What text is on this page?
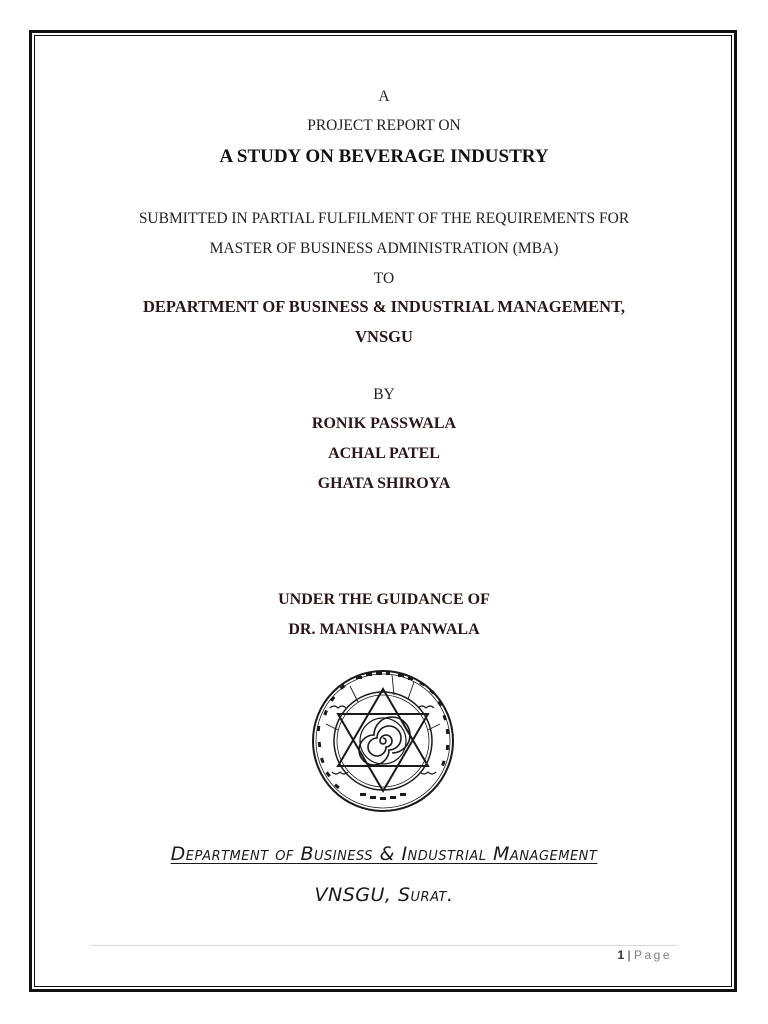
A
PROJECT REPORT ON
A STUDY ON BEVERAGE INDUSTRY
SUBMITTED IN PARTIAL FULFILMENT OF THE REQUIREMENTS FOR
MASTER OF BUSINESS ADMINISTRATION (MBA)
TO
DEPARTMENT OF BUSINESS & INDUSTRIAL MANAGEMENT,
VNSGU
BY
RONIK PASSWALA
ACHAL PATEL
GHATA SHIROYA
UNDER THE GUIDANCE OF
DR. MANISHA PANWALA
Department of Business & Industrial Management
VNSGU, Surat.
1 | Page
